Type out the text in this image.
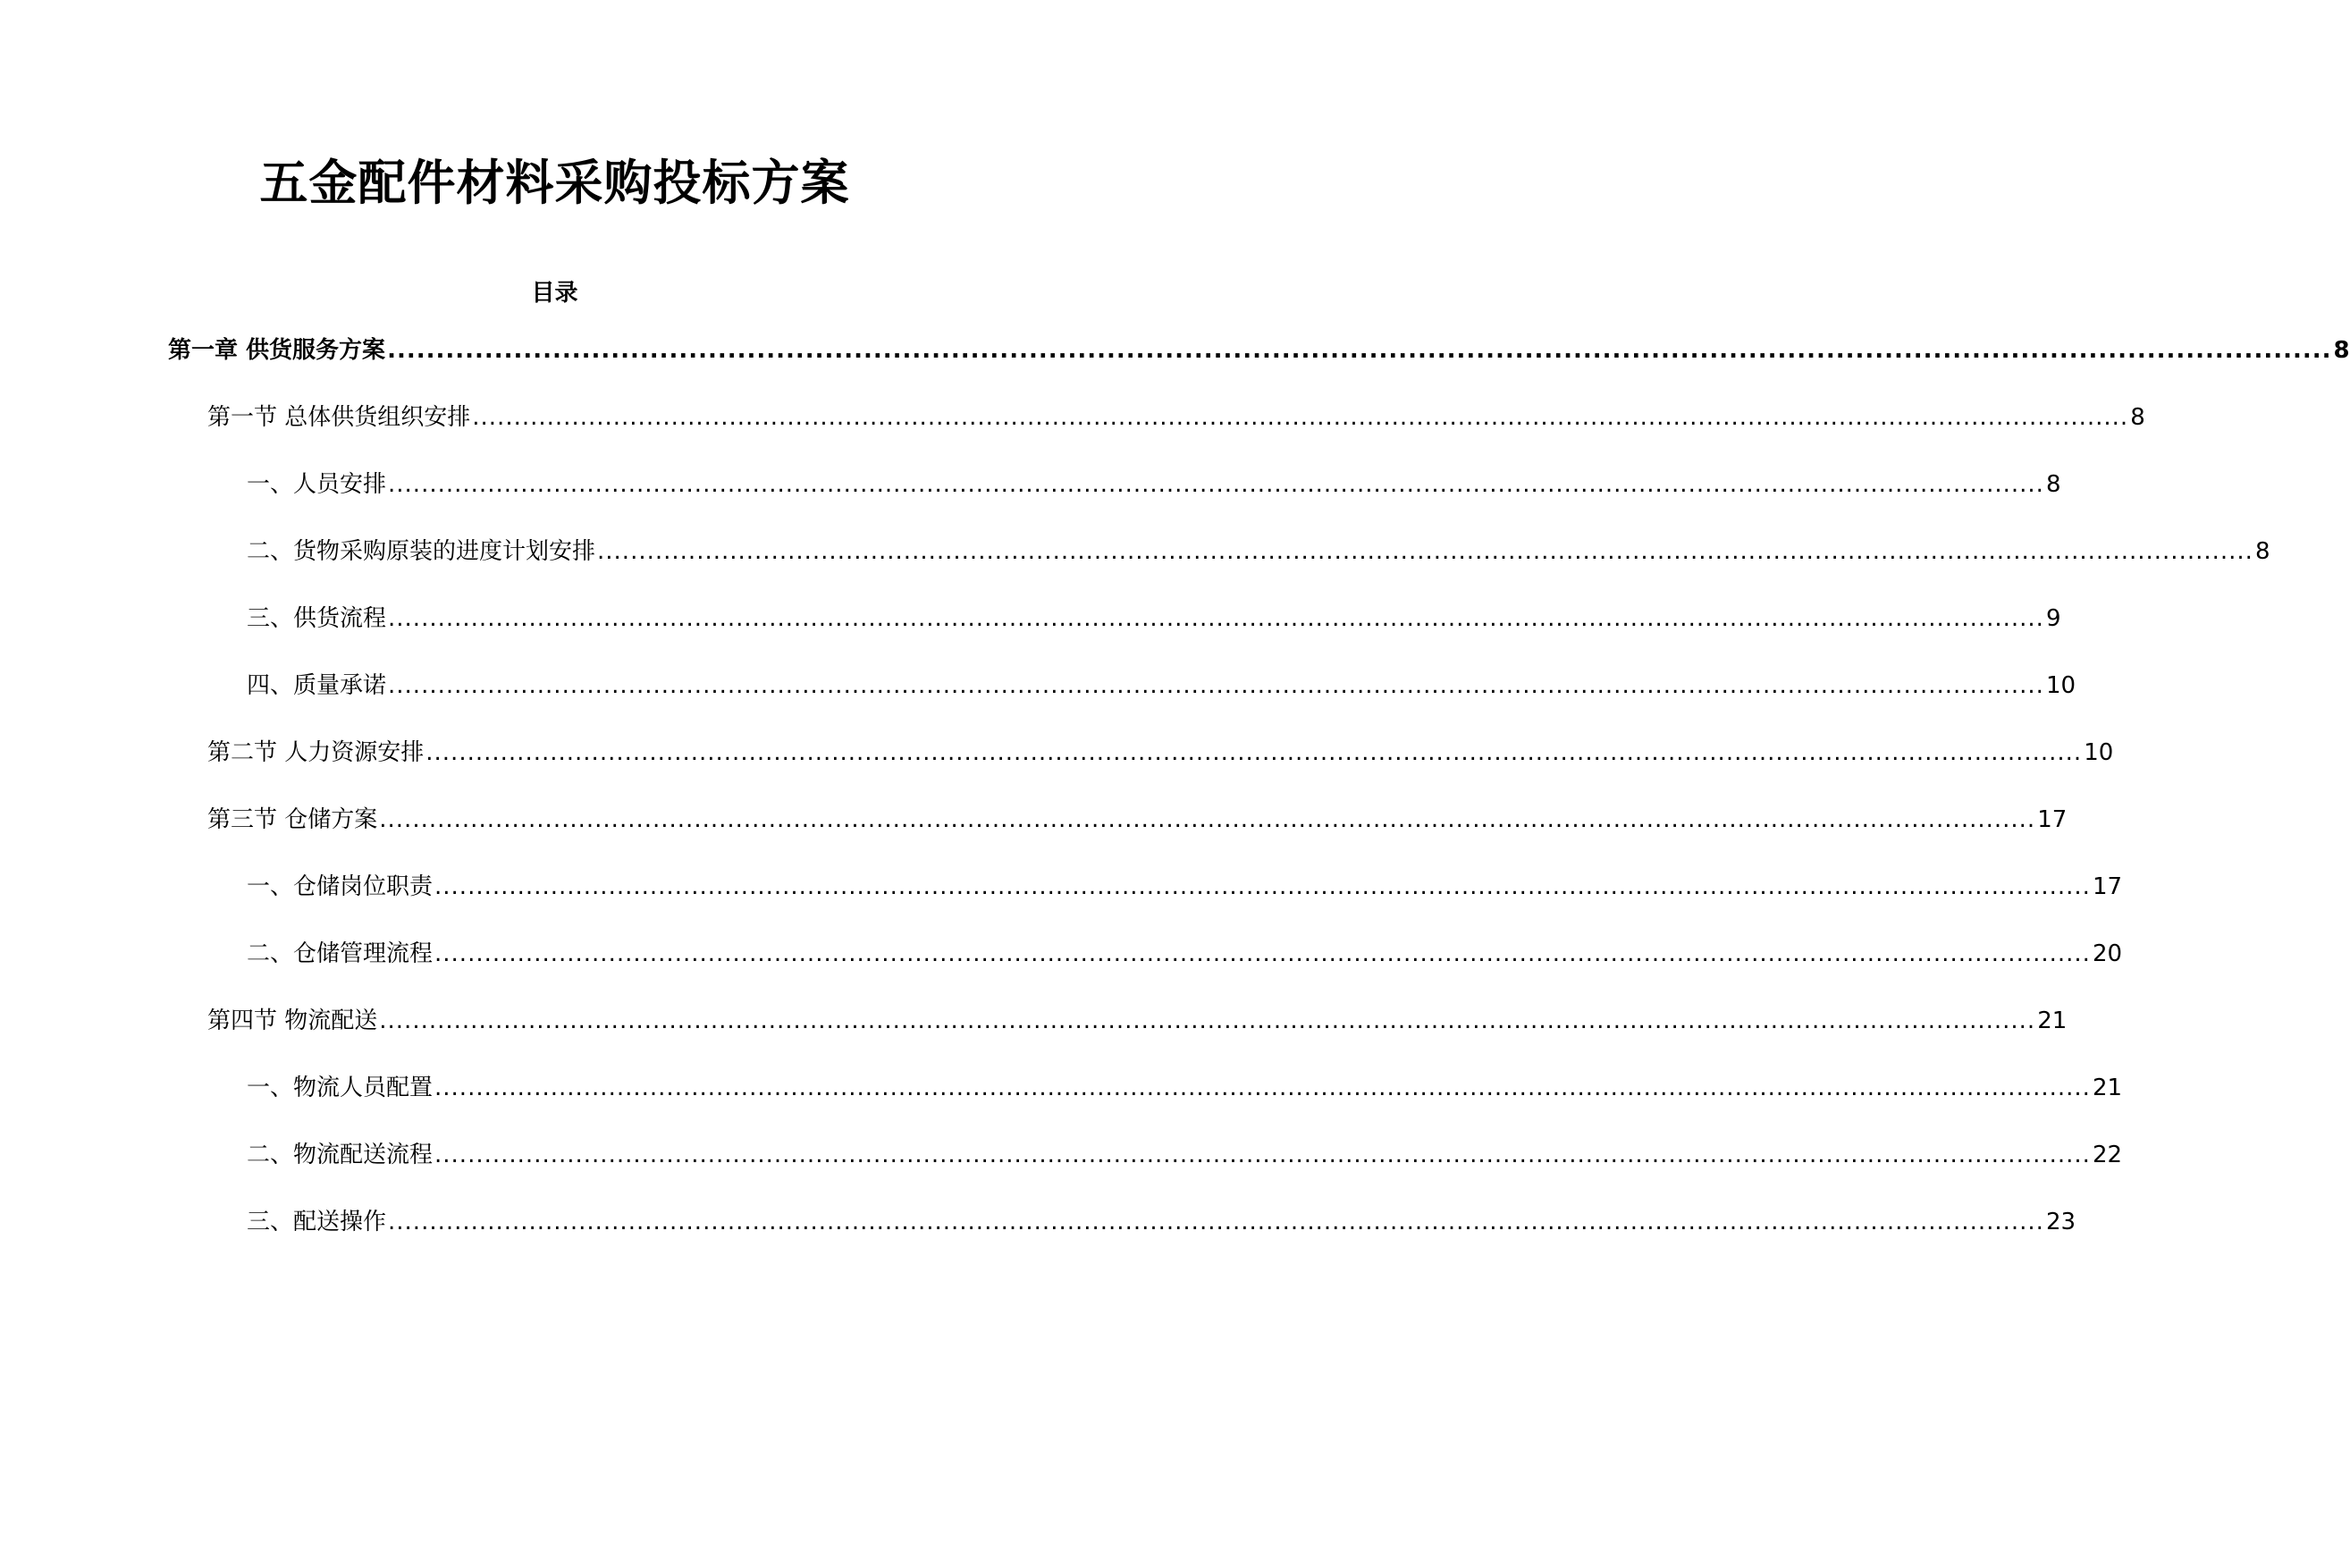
五金配件材料采购投标方案
目录
第一章 供货服务方案 ........................................................................................................................................................................................................ 8
第一节 总体供货组织安排 ........................................................................................................................................................................................................ 8
一、人员安排 ........................................................................................................................................................................................................ 8
二、货物采购原装的进度计划安排 ........................................................................................................................................................................................................ 8
三、供货流程 ........................................................................................................................................................................................................ 9
四、质量承诺 ........................................................................................................................................................................................................ 10
第二节 人力资源安排 ........................................................................................................................................................................................................ 10
第三节 仓储方案 ........................................................................................................................................................................................................ 17
一、仓储岗位职责 ........................................................................................................................................................................................................ 17
二、仓储管理流程 ........................................................................................................................................................................................................ 20
第四节 物流配送 ........................................................................................................................................................................................................ 21
一、物流人员配置 ........................................................................................................................................................................................................ 21
二、物流配送流程 ........................................................................................................................................................................................................ 22
三、配送操作 ........................................................................................................................................................................................................ 23
